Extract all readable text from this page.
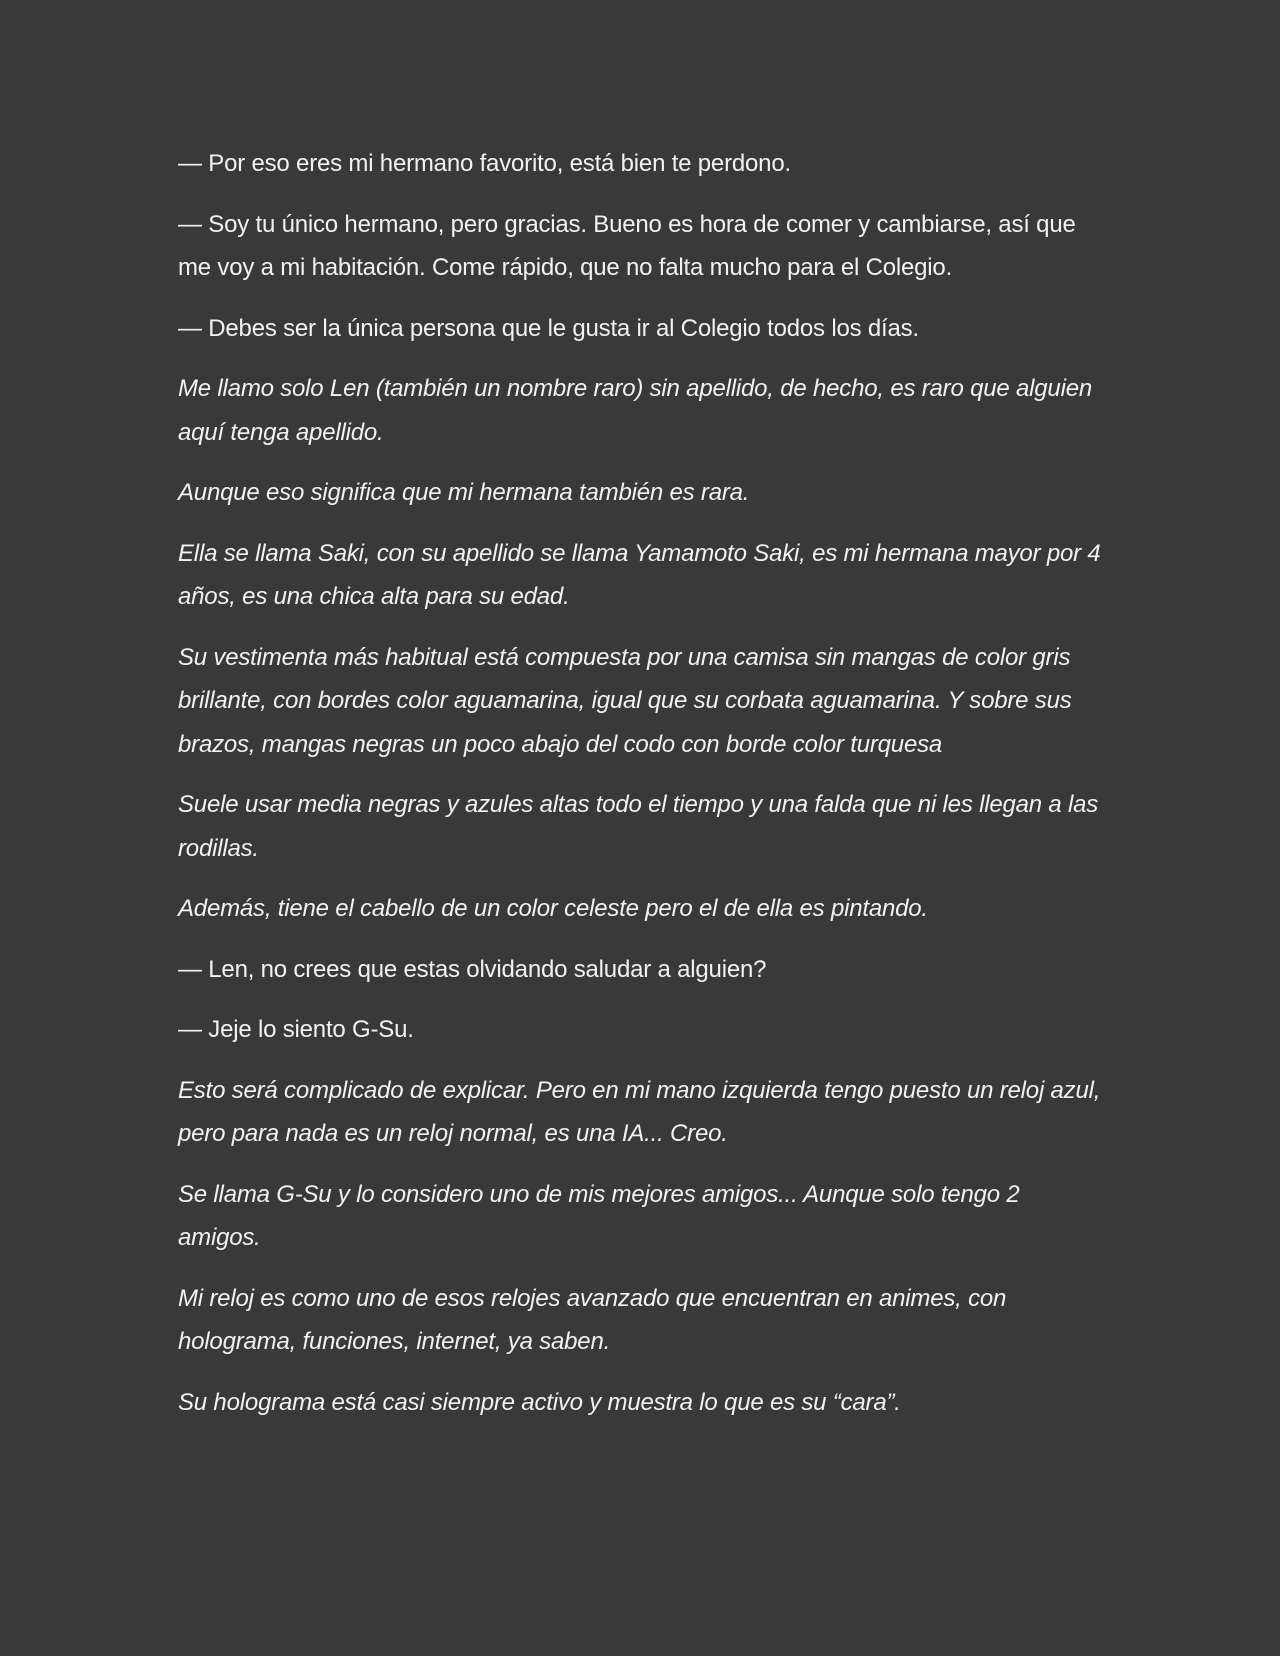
— Por eso eres mi hermano favorito, está bien te perdono.

— Soy tu único hermano, pero gracias. Bueno es hora de comer y cambiarse, así que me voy a mi habitación. Come rápido, que no falta mucho para el Colegio.

— Debes ser la única persona que le gusta ir al Colegio todos los días.

Me llamo solo Len (también un nombre raro) sin apellido, de hecho, es raro que alguien aquí tenga apellido.

Aunque eso significa que mi hermana también es rara.

Ella se llama Saki, con su apellido se llama Yamamoto Saki, es mi hermana mayor por 4 años, es una chica alta para su edad.

Su vestimenta más habitual está compuesta por una camisa sin mangas de color gris brillante, con bordes color aguamarina, igual que su corbata aguamarina. Y sobre sus brazos, mangas negras un poco abajo del codo con borde color turquesa

Suele usar media negras y azules altas todo el tiempo y una falda que ni les llegan a las rodillas.

Además, tiene el cabello de un color celeste pero el de ella es pintando.

— Len, no crees que estas olvidando saludar a alguien?

— Jeje lo siento G-Su.

Esto será complicado de explicar. Pero en mi mano izquierda tengo puesto un reloj azul, pero para nada es un reloj normal, es una IA... Creo.

Se llama G-Su y lo considero uno de mis mejores amigos... Aunque solo tengo 2 amigos.

Mi reloj es como uno de esos relojes avanzado que encuentran en animes, con holograma, funciones, internet, ya saben.

Su holograma está casi siempre activo y muestra lo que es su “cara”.
